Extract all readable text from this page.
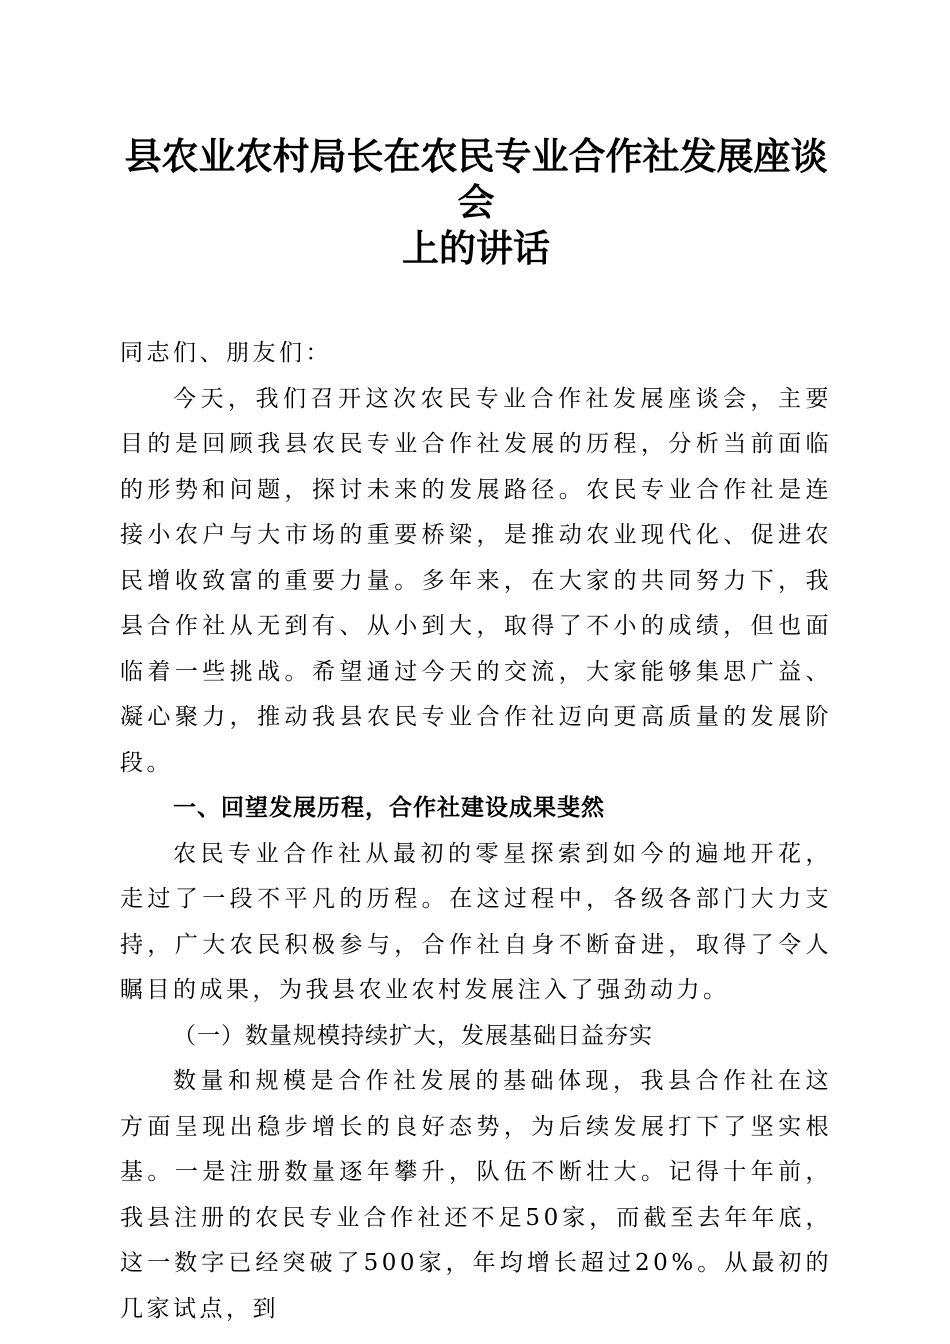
县农业农村局长在农民专业合作社发展座谈会
上的讲话

同志们、朋友们：

今天，我们召开这次农民专业合作社发展座谈会，主要目的是回顾我县农民专业合作社发展的历程，分析当前面临的形势和问题，探讨未来的发展路径。农民专业合作社是连接小农户与大市场的重要桥梁，是推动农业现代化、促进农民增收致富的重要力量。多年来，在大家的共同努力下，我县合作社从无到有、从小到大，取得了不小的成绩，但也面临着一些挑战。希望通过今天的交流，大家能够集思广益、凝心聚力，推动我县农民专业合作社迈向更高质量的发展阶段。

一、回望发展历程，合作社建设成果斐然

农民专业合作社从最初的零星探索到如今的遍地开花，走过了一段不平凡的历程。在这过程中，各级各部门大力支持，广大农民积极参与，合作社自身不断奋进，取得了令人瞩目的成果，为我县农业农村发展注入了强劲动力。

（一）数量规模持续扩大，发展基础日益夯实

数量和规模是合作社发展的基础体现，我县合作社在这方面呈现出稳步增长的良好态势，为后续发展打下了坚实根基。一是注册数量逐年攀升，队伍不断壮大。记得十年前，我县注册的农民专业合作社还不足50家，而截至去年年底，这一数字已经突破了500家，年均增长超过20%。从最初的几家试点，到
